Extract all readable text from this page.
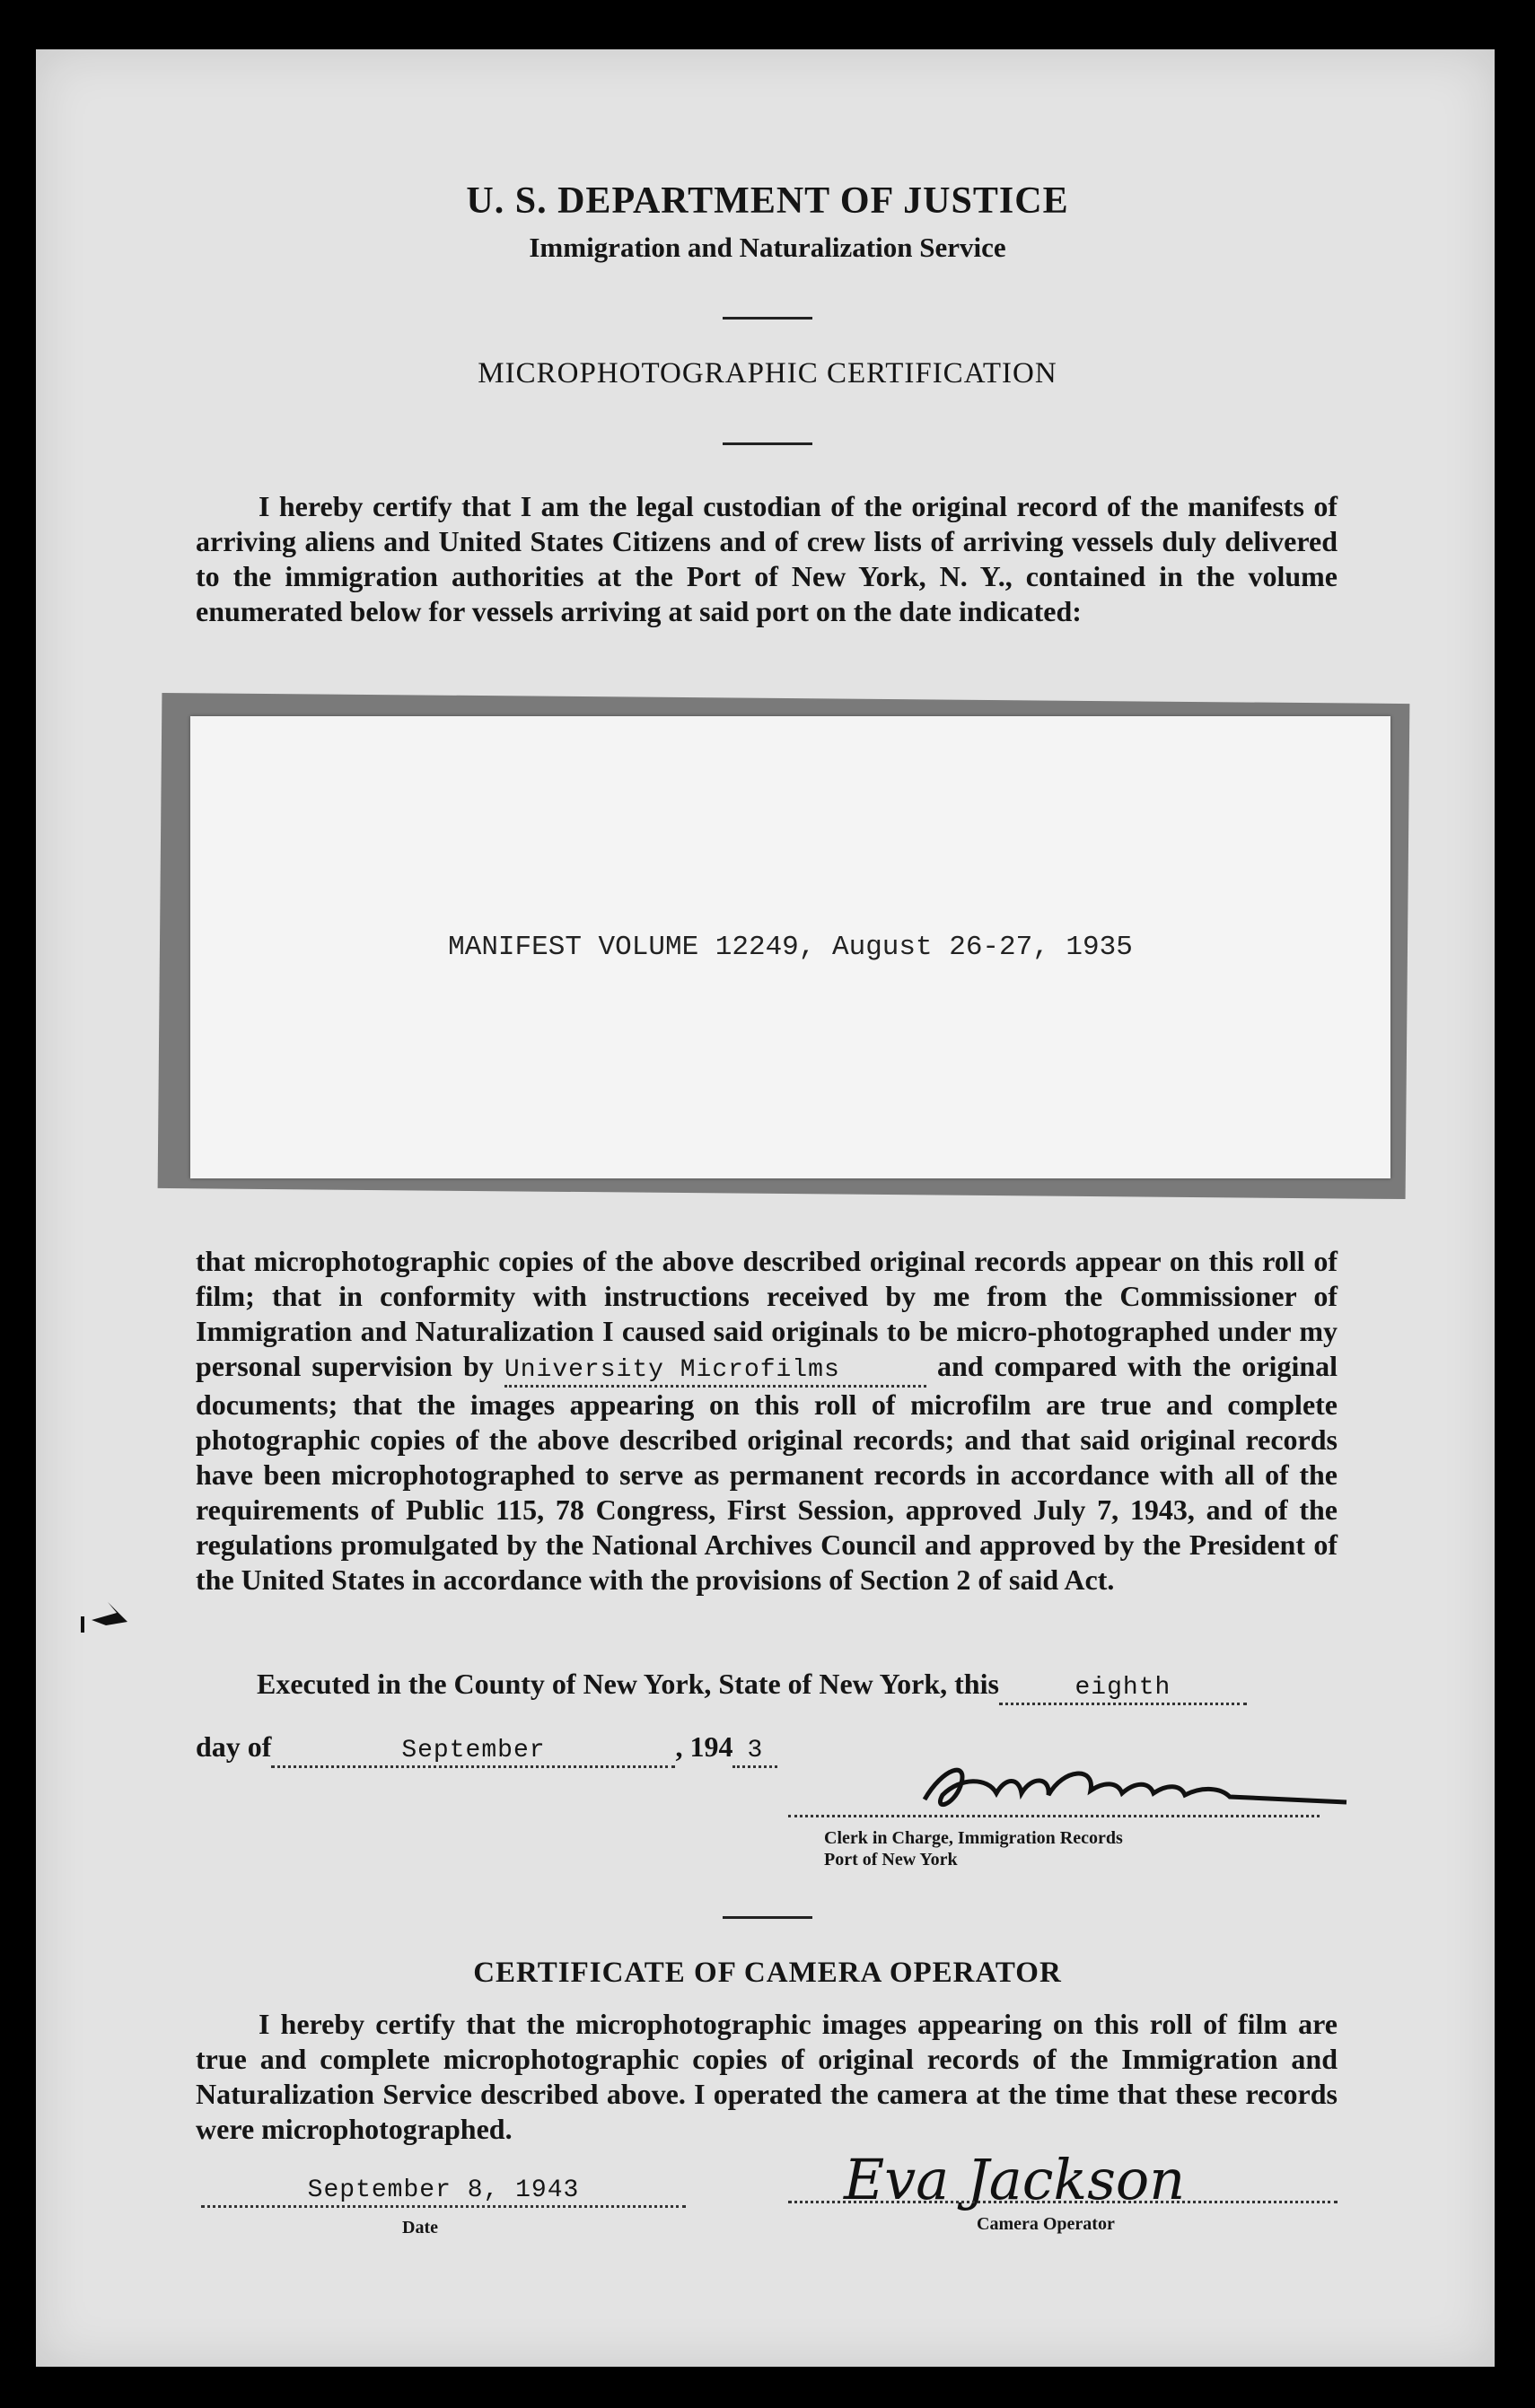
U. S. DEPARTMENT OF JUSTICE
Immigration and Naturalization Service
MICROPHOTOGRAPHIC CERTIFICATION

I hereby certify that I am the legal custodian of the original record of the manifests of arriving aliens and United States Citizens and of crew lists of arriving vessels duly delivered to the immigration authorities at the Port of New York, N. Y., contained in the volume enumerated below for vessels arriving at said port on the date indicated:

MANIFEST VOLUME 12249, August 26-27, 1935

that microphotographic copies of the above described original records appear on this roll of film; that in conformity with instructions received by me from the Commissioner of Immigration and Naturalization I caused said originals to be micro-photographed under my personal supervision by University Microfilms	and compared with the original documents; that the images appearing on this roll of microfilm are true and complete photographic copies of the above described original records; and that said original records have been microphotographed to serve as permanent records in accordance with all of the requirements of Public 115, 78 Congress, First Session, approved July 7, 1943, and of the regulations promulgated by the National Archives Council and approved by the President of the United States in accordance with the provisions of Section 2 of said Act.

Executed in the County of New York, State of New York, this	eighth
day of	September	, 194 3
Clerk in Charge, Immigration Records
Port of New York
CERTIFICATE OF CAMERA OPERATOR

I hereby certify that the microphotographic images appearing on this roll of film are true and complete microphotographic copies of original records of the Immigration and Naturalization Service described above. I operated the camera at the time that these records were microphotographed.

September 8, 1943
Date
Eva Jackson
Camera Operator
